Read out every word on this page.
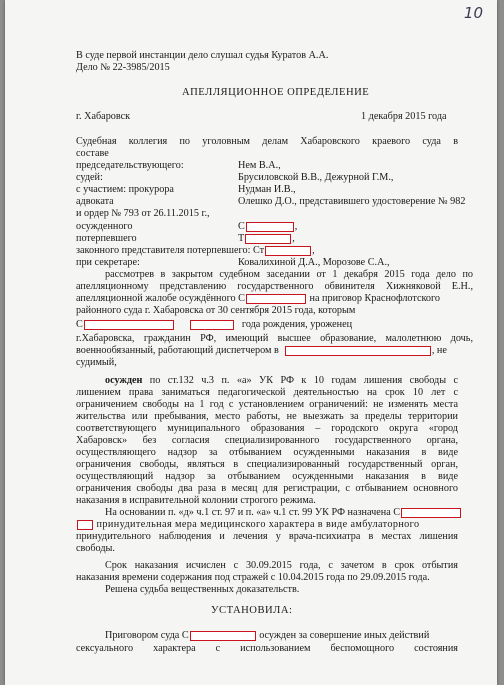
10
В суде первой инстанции дело слушал судья Куратов А.А.
Дело № 22-3985/2015
АПЕЛЛЯЦИОННОЕ ОПРЕДЕЛЕНИЕ
г. Хабаровск	1 декабря 2015 года
Судебная коллегия по уголовным делам Хабаровского краевого суда в
составе
председательствующего:	Нем В.А.,
судей:	Брусиловской В.В., Дежурной Г.М.,
с участием: прокурора	Нудман И.В.,
адвоката	Олешко Д.О., представившего удостоверение № 982
и ордер № 793 от 26.11.2015 г.,
осужденного	С	,
потерпевшего	Т	,
законного представителя потерпевшего: Ст	,
при секретаре:	Ковалихиной Д.А., Морозове С.А.,
рассмотрев в закрытом судебном заседании от 1 декабря 2015 года дело по
апелляционному представлению государственного обвинителя Хижняковой Е.Н.,
апелляционной жалобе осуждённого С	на приговор Краснофлотского
районного суда г. Хабаровска от 30 сентября 2015 года, которым
С	года рождения, уроженец
г.Хабаровска, гражданин РФ, имеющий высшее образование, малолетнюю дочь,
военнообязанный, работающий диспетчером в	, не
судимый,
осужден по ст.132 ч.3 п. «а» УК РФ к 10 годам лишения свободы с
лишением права заниматься педагогической деятельностью на срок 10 лет с
ограничением свободы на 1 год с установлением ограничений: не изменять места
жительства или пребывания, место работы, не выезжать за пределы территории
соответствующего муниципального образования – городского округа «город
Хабаровск» без согласия специализированного государственного органа,
осуществляющего надзор за отбыванием осужденными наказания в виде
ограничения свободы, являться в специализированный государственный орган,
осуществляющий надзор за отбыванием осужденными наказания в виде
ограничения свободы два раза в месяц для регистрации, с отбыванием основного
наказания в исправительной колонии строгого режима.
На основании п. «д» ч.1 ст. 97 и п. «а» ч.1 ст. 99 УК РФ назначена С
принудительная мера медицинского характера в виде амбулаторного
принудительного наблюдения и лечения у врача-психиатра в местах лишения
свободы.
Срок наказания исчислен с 30.09.2015 года, с зачетом в срок отбытия
наказания времени содержания под стражей с 10.04.2015 года по 29.09.2015 года.
Решена судьба вещественных доказательств.
УСТАНОВИЛА:
Приговором суда С	осужден за совершение иных действий
сексуального характера с использованием беспомощного состояния
